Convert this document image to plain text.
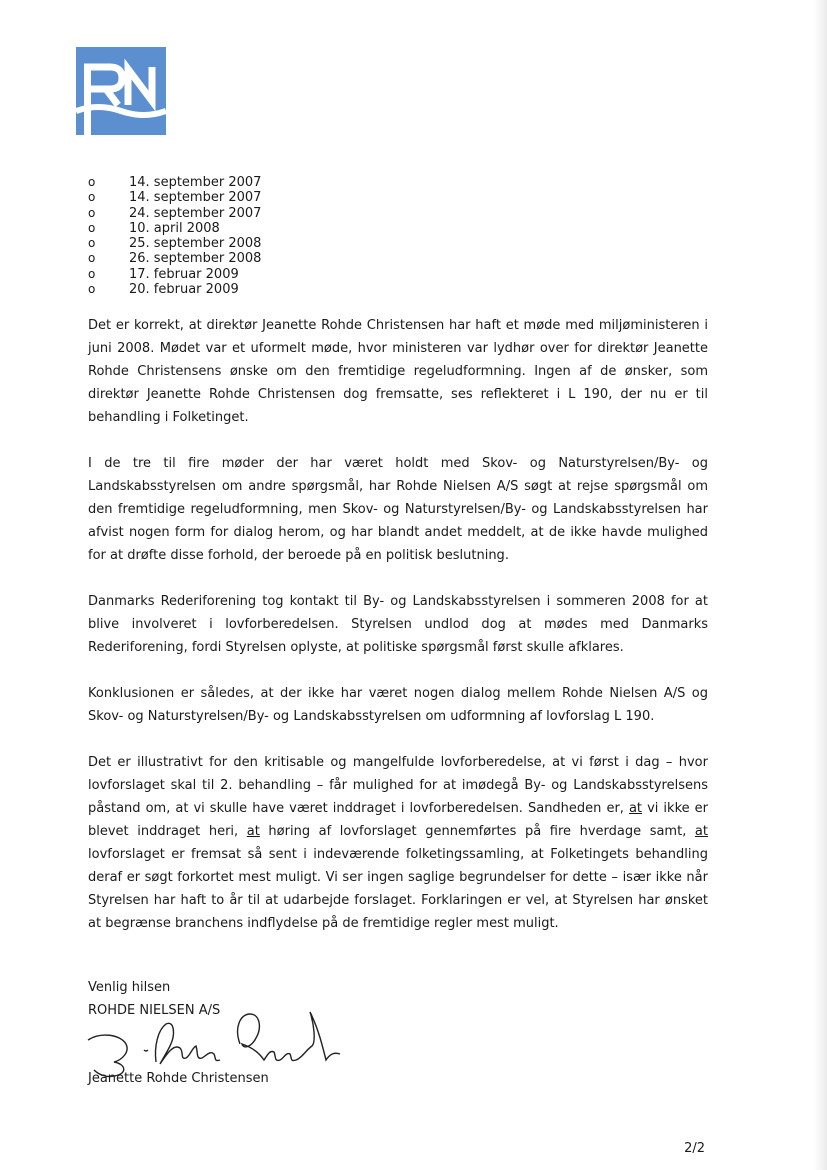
o	14. september 2007
o	14. september 2007
o	24. september 2007
o	10. april 2008
o	25. september 2008
o	26. september 2008
o	17. februar 2009
o	20. februar 2009

Det er korrekt, at direktør Jeanette Rohde Christensen har haft et møde med miljøministeren i juni 2008. Mødet var et uformelt møde, hvor ministeren var lydhør over for direktør Jeanette Rohde Christensens ønske om den fremtidige regeludformning. Ingen af de ønsker, som direktør Jeanette Rohde Christensen dog fremsatte, ses reflekteret i L 190, der nu er til behandling i Folketinget.

I de tre til fire møder der har været holdt med Skov- og Naturstyrelsen/By- og Landskabsstyrelsen om andre spørgsmål, har Rohde Nielsen A/S søgt at rejse spørgsmål om den fremtidige regeludformning, men Skov- og Naturstyrelsen/By- og Landskabsstyrelsen har afvist nogen form for dialog herom, og har blandt andet meddelt, at de ikke havde mulighed for at drøfte disse forhold, der beroede på en politisk beslutning.

Danmarks Rederiforening tog kontakt til By- og Landskabsstyrelsen i sommeren 2008 for at blive involveret i lovforberedelsen. Styrelsen undlod dog at mødes med Danmarks Rederiforening, fordi Styrelsen oplyste, at politiske spørgsmål først skulle afklares.

Konklusionen er således, at der ikke har været nogen dialog mellem Rohde Nielsen A/S og Skov- og Naturstyrelsen/By- og Landskabsstyrelsen om udformning af lovforslag L 190.

Det er illustrativt for den kritisable og mangelfulde lovforberedelse, at vi først i dag – hvor lovforslaget skal til 2. behandling – får mulighed for at imødegå By- og Landskabsstyrelsens påstand om, at vi skulle have været inddraget i lovforberedelsen. Sandheden er, at vi ikke er blevet inddraget heri, at høring af lovforslaget gennemførtes på fire hverdage samt, at lovforslaget er fremsat så sent i indeværende folketingssamling, at Folketingets behandling deraf er søgt forkortet mest muligt. Vi ser ingen saglige begrundelser for dette – især ikke når Styrelsen har haft to år til at udarbejde forslaget. Forklaringen er vel, at Styrelsen har ønsket at begrænse branchens indflydelse på de fremtidige regler mest muligt.

Venlig hilsen
ROHDE NIELSEN A/S
Jeanette Rohde Christensen
2/2
